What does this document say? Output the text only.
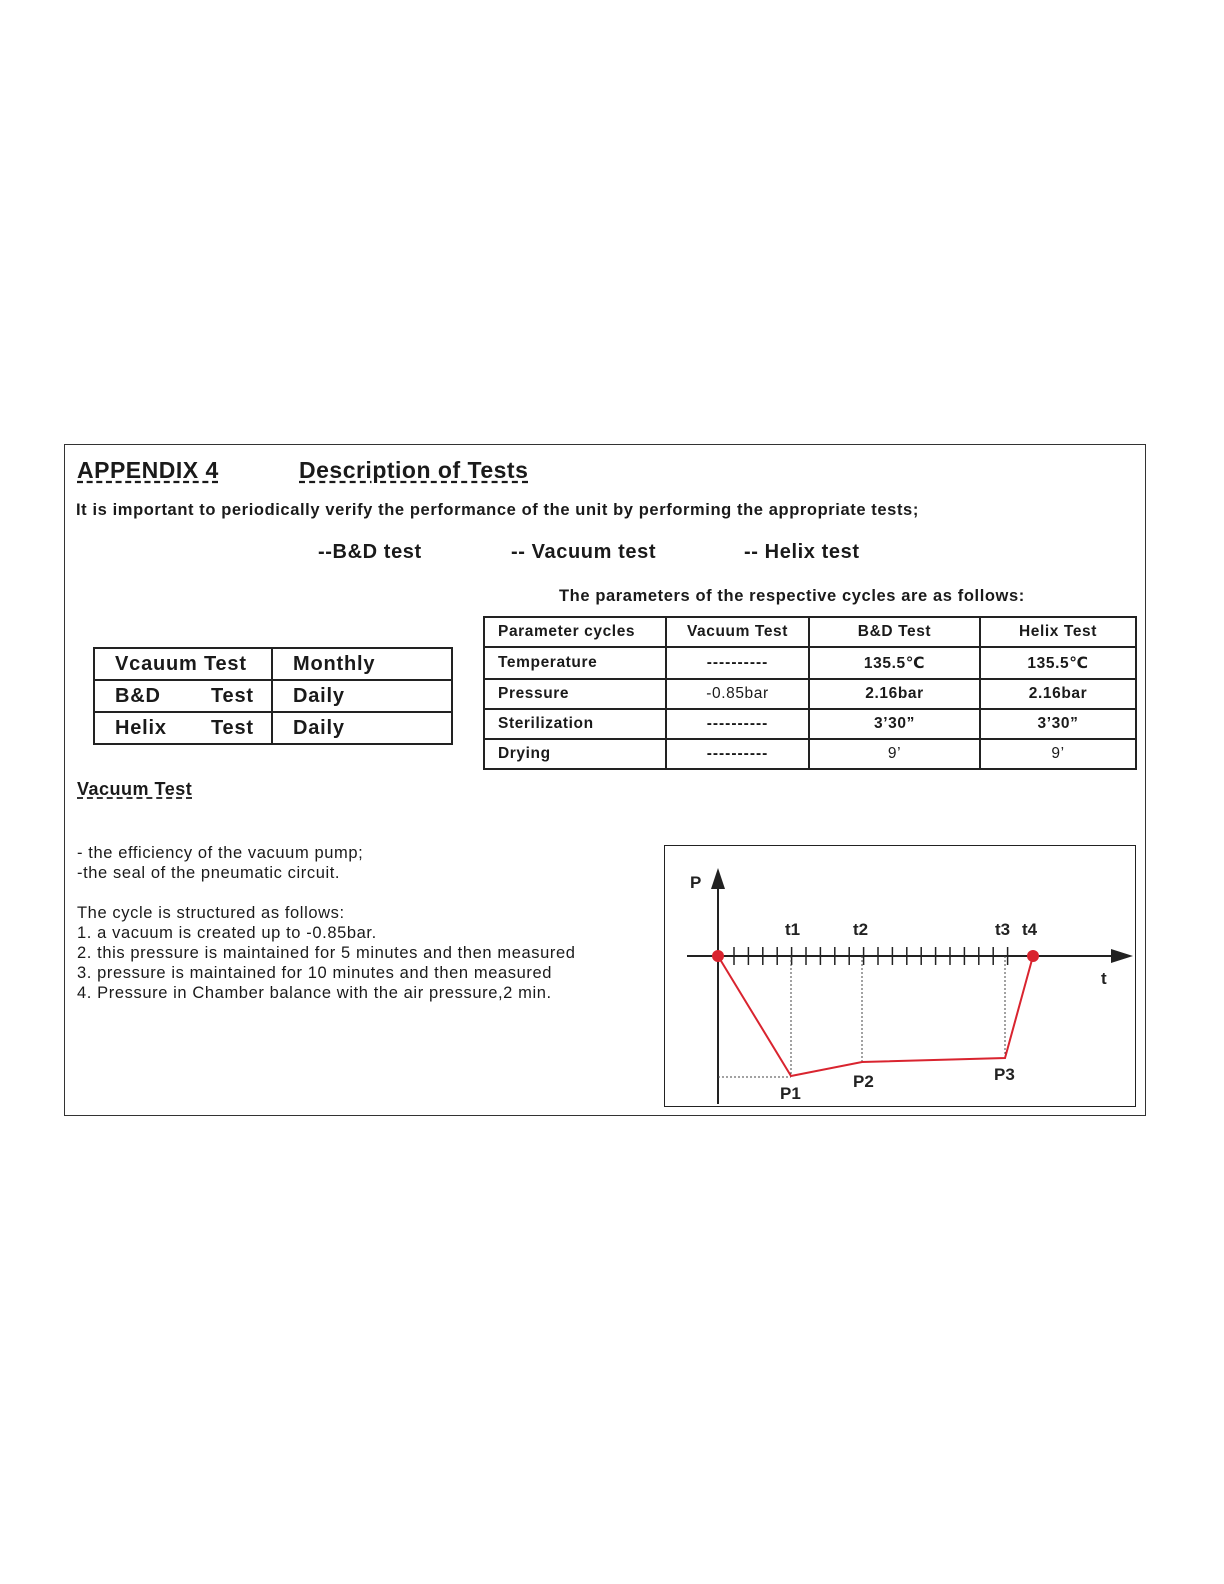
APPENDIX 4	Description of Tests
It is important to periodically verify the performance of the unit by performing the appropriate tests;
--B&D test	-- Vacuum test	-- Helix test
The parameters of the respective cycles are as follows:
Vcauum Test	Monthly
B&D Test	Daily
Helix Test	Daily
Parameter cycles	Vacuum Test	B&D Test	Helix Test
Temperature	----------	135.5℃	135.5℃
Pressure	-0.85bar	2.16bar	2.16bar
Sterilization	----------	3’30”	3’30”
Drying	----------	9’	9’
Vacuum Test
- the efficiency of the vacuum pump;
-the seal of the pneumatic circuit.
The cycle is structured as follows:
1. a vacuum is created up to -0.85bar.
2. this pressure is maintained for 5 minutes and then measured
3. pressure is maintained for 10 minutes and then measured
4. Pressure in Chamber balance with the air pressure,2 min.
P
t
t1	t2	t3 t4
P1
P2	P3
